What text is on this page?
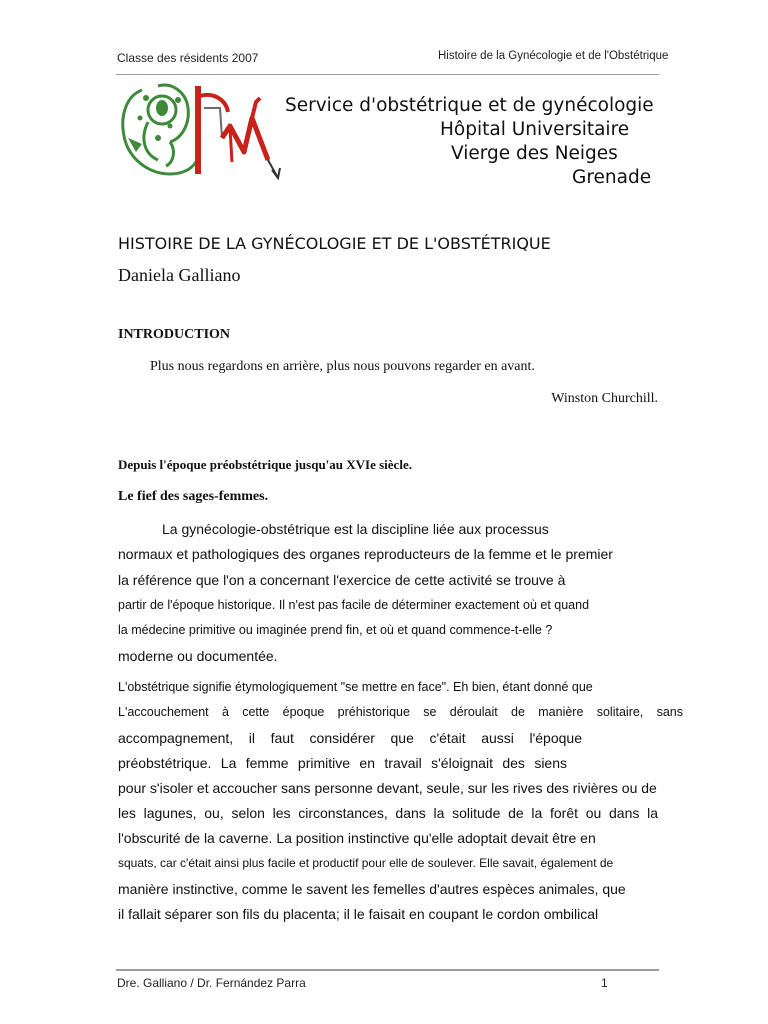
Classe des résidents 2007	Histoire de la Gynécologie et de l'Obstétrique
Service d'obstétrique et de gynécologie
Hôpital Universitaire
Vierge des Neiges
Grenade
HISTOIRE DE LA GYNÉCOLOGIE ET DE L'OBSTÉTRIQUE
Daniela Galliano
INTRODUCTION
Plus nous regardons en arrière, plus nous pouvons regarder en avant.
Winston Churchill.
Depuis l'époque préobstétrique jusqu'au XVIe siècle.
Le fief des sages-femmes.
La gynécologie-obstétrique est la discipline liée aux processus
normaux et pathologiques des organes reproducteurs de la femme et le premier
la référence que l'on a concernant l'exercice de cette activité se trouve à
partir de l'époque historique. Il n'est pas facile de déterminer exactement où et quand
la médecine primitive ou imaginée prend fin, et où et quand commence-t-elle ?
moderne ou documentée.
L'obstétrique signifie étymologiquement "se mettre en face". Eh bien, étant donné que
L'accouchement à cette époque préhistorique se déroulait de manière solitaire, sans
accompagnement, il faut considérer que c'était aussi l'époque
préobstétrique. La femme primitive en travail s'éloignait des siens
pour s'isoler et accoucher sans personne devant, seule, sur les rives des rivières ou de
les lagunes, ou, selon les circonstances, dans la solitude de la forêt ou dans la
l'obscurité de la caverne. La position instinctive qu'elle adoptait devait être en
squats, car c'était ainsi plus facile et productif pour elle de soulever. Elle savait, également de
manière instinctive, comme le savent les femelles d'autres espèces animales, que
il fallait séparer son fils du placenta; il le faisait en coupant le cordon ombilical
Dre. Galliano / Dr. Fernández Parra	1
